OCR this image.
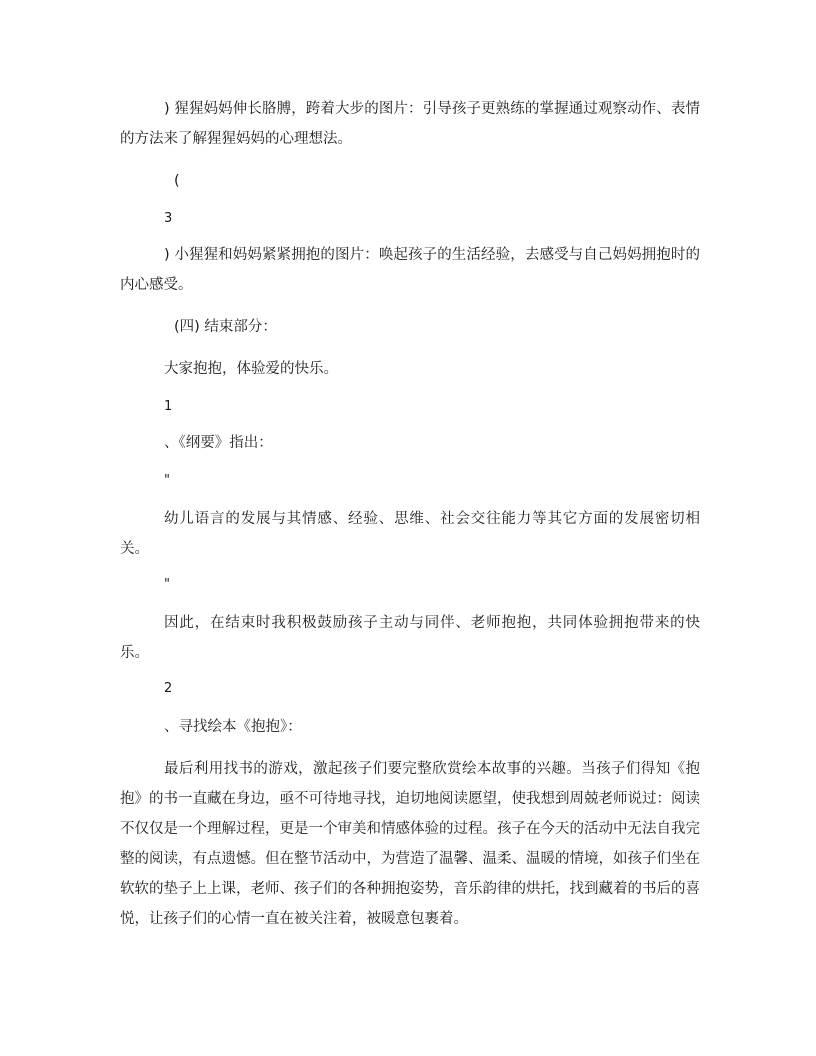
) 猩猩妈妈伸长胳膊，跨着大步的图片：引导孩子更熟练的掌握通过观察动作、表情的方法来了解猩猩妈妈的心理想法。

(

3

) 小猩猩和妈妈紧紧拥抱的图片：唤起孩子的生活经验，去感受与自己妈妈拥抱时的内心感受。

(四) 结束部分：

大家抱抱，体验爱的快乐。

1

、《纲要》指出：

"

幼儿语言的发展与其情感、经验、思维、社会交往能力等其它方面的发展密切相关。

"

因此，在结束时我积极鼓励孩子主动与同伴、老师抱抱，共同体验拥抱带来的快乐。

2

、寻找绘本《抱抱》：

最后利用找书的游戏，激起孩子们要完整欣赏绘本故事的兴趣。当孩子们得知《抱抱》的书一直藏在身边，亟不可待地寻找，迫切地阅读愿望，使我想到周兢老师说过：阅读不仅仅是一个理解过程，更是一个审美和情感体验的过程。孩子在今天的活动中无法自我完整的阅读，有点遗憾。但在整节活动中，为营造了温馨、温柔、温暖的情境，如孩子们坐在软软的垫子上上课，老师、孩子们的各种拥抱姿势，音乐韵律的烘托，找到藏着的书后的喜悦，让孩子们的心情一直在被关注着，被暖意包裹着。
